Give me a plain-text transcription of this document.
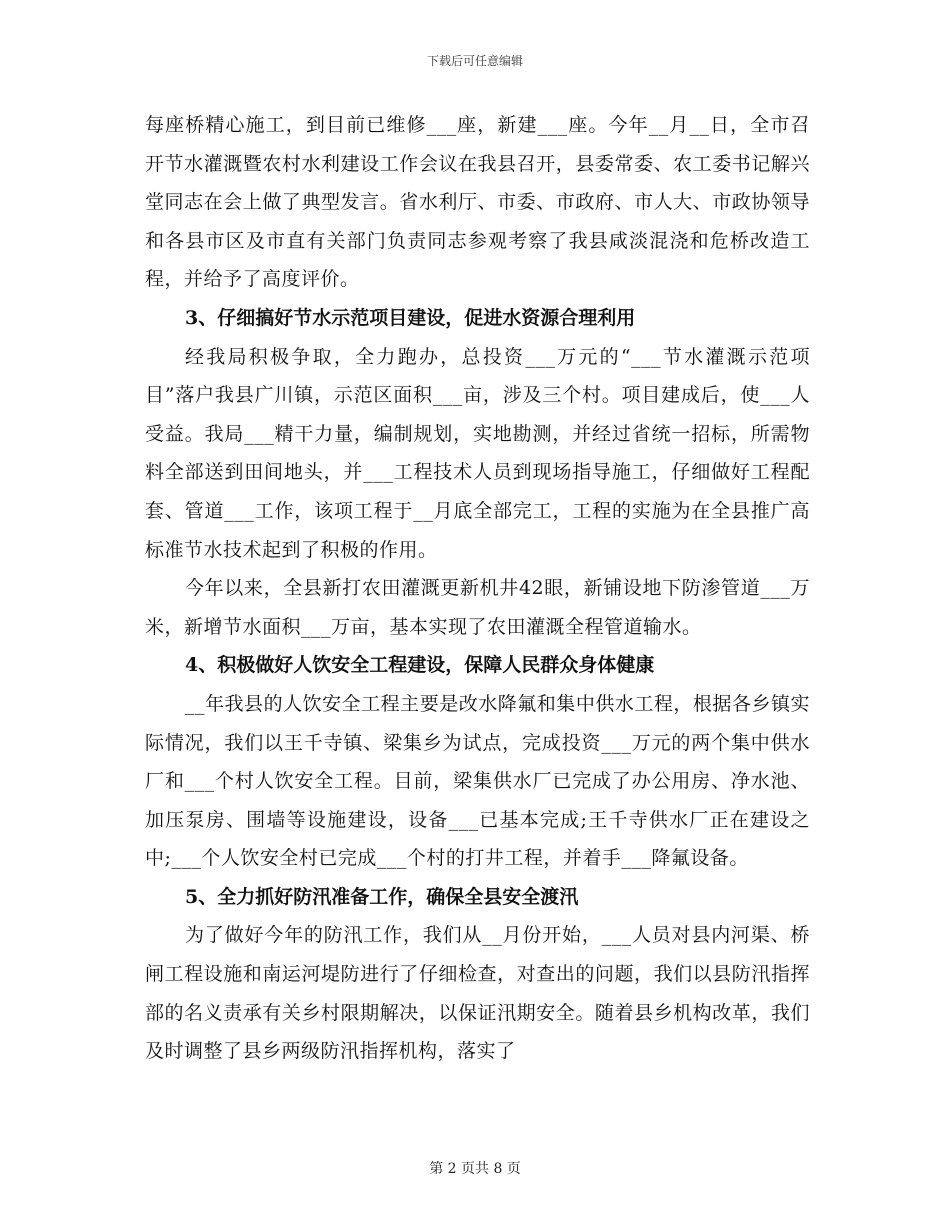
下载后可任意编辑

每座桥精心施工，到目前已维修___座，新建___座。今年__月__日，全市召开节水灌溉暨农村水利建设工作会议在我县召开，县委常委、农工委书记解兴堂同志在会上做了典型发言。省水利厅、市委、市政府、市人大、市政协领导和各县市区及市直有关部门负责同志参观考察了我县咸淡混浇和危桥改造工程，并给予了高度评价。

3、仔细搞好节水示范项目建设，促进水资源合理利用

经我局积极争取，全力跑办，总投资___万元的“___节水灌溉示范项目”落户我县广川镇，示范区面积___亩，涉及三个村。项目建成后，使___人受益。我局___精干力量，编制规划，实地勘测，并经过省统一招标，所需物料全部送到田间地头，并___工程技术人员到现场指导施工，仔细做好工程配套、管道___工作，该项工程于__月底全部完工，工程的实施为在全县推广高标准节水技术起到了积极的作用。

今年以来，全县新打农田灌溉更新机井42眼，新铺设地下防渗管道___万米，新增节水面积___万亩，基本实现了农田灌溉全程管道输水。

4、积极做好人饮安全工程建设，保障人民群众身体健康

__年我县的人饮安全工程主要是改水降氟和集中供水工程，根据各乡镇实际情况，我们以王千寺镇、梁集乡为试点，完成投资___万元的两个集中供水厂和___个村人饮安全工程。目前，梁集供水厂已完成了办公用房、净水池、加压泵房、围墙等设施建设，设备___已基本完成;王千寺供水厂正在建设之中;___个人饮安全村已完成___个村的打井工程，并着手___降氟设备。

5、全力抓好防汛准备工作，确保全县安全渡汛

为了做好今年的防汛工作，我们从__月份开始，___人员对县内河渠、桥闸工程设施和南运河堤防进行了仔细检查，对查出的问题，我们以县防汛指挥部的名义责承有关乡村限期解决，以保证汛期安全。随着县乡机构改革，我们及时调整了县乡两级防汛指挥机构，落实了

第 2 页共 8 页
